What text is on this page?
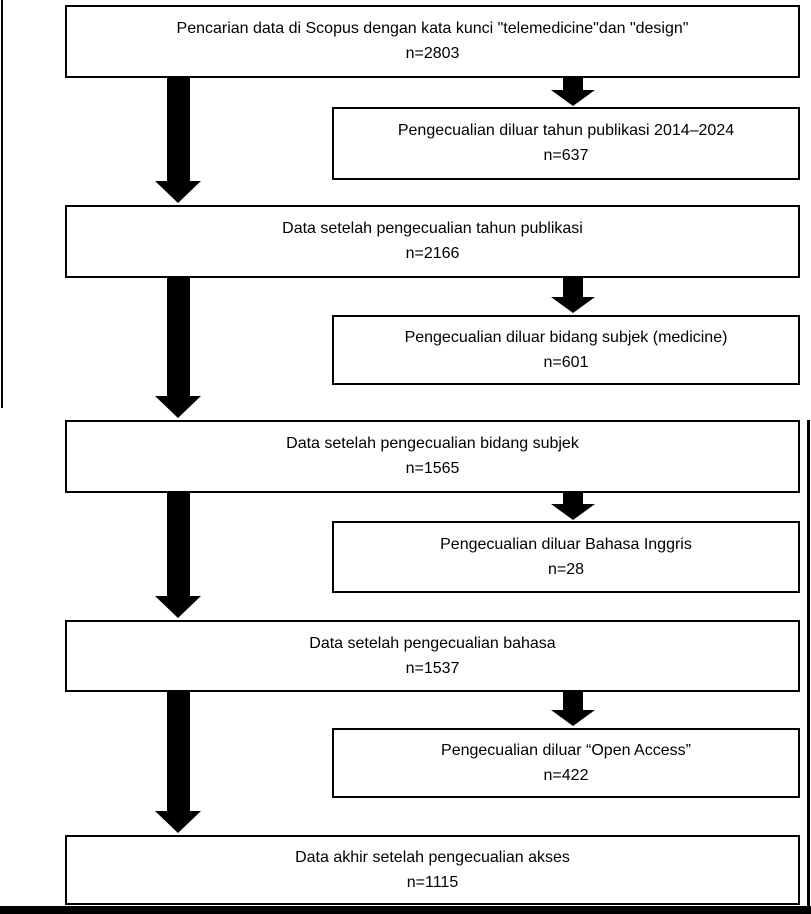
Pencarian data di Scopus dengan kata kunci "telemedicine"dan "design"
n=2803
Pengecualian diluar tahun publikasi 2014–2024
n=637
Data setelah pengecualian tahun publikasi
n=2166
Pengecualian diluar bidang subjek (medicine)
n=601
Data setelah pengecualian bidang subjek
n=1565
Pengecualian diluar Bahasa Inggris
n=28
Data setelah pengecualian bahasa
n=1537
Pengecualian diluar “Open Access”
n=422
Data akhir setelah pengecualian akses
n=1115
